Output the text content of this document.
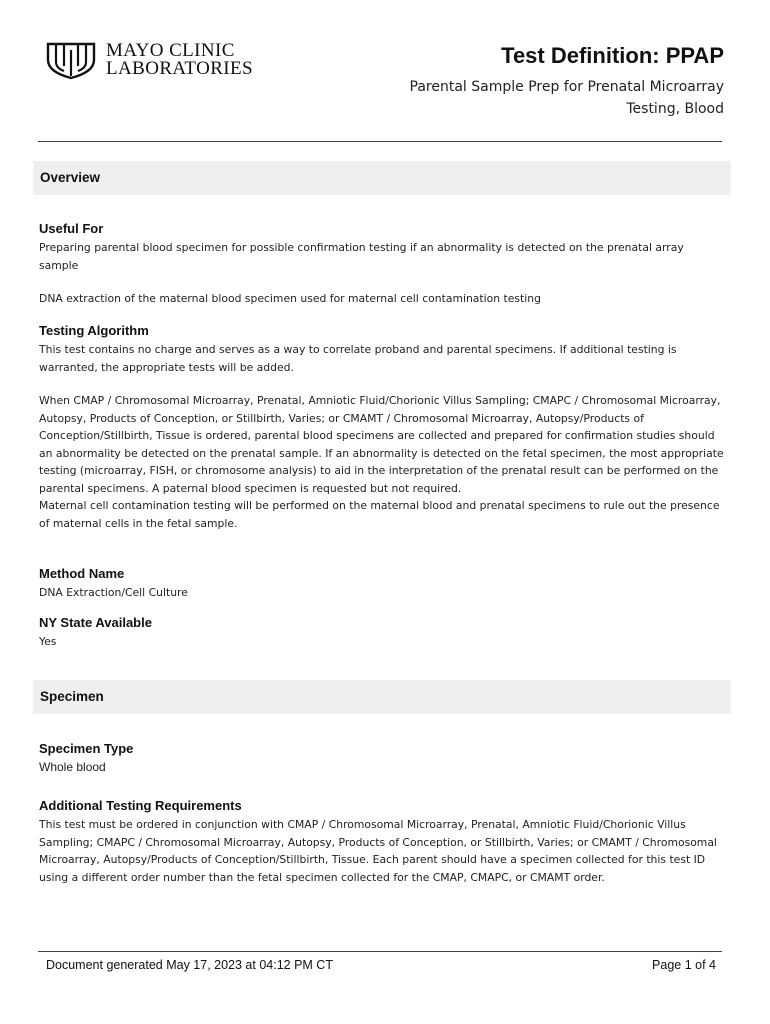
MAYO CLINIC
LABORATORIES
Test Definition: PPAP
Parental Sample Prep for Prenatal Microarray Testing, Blood
Overview
Useful For

Preparing parental blood specimen for possible confirmation testing if an abnormality is detected on the prenatal array sample

DNA extraction of the maternal blood specimen used for maternal cell contamination testing

Testing Algorithm

This test contains no charge and serves as a way to correlate proband and parental specimens. If additional testing is warranted, the appropriate tests will be added.

When CMAP / Chromosomal Microarray, Prenatal, Amniotic Fluid/Chorionic Villus Sampling; CMAPC / Chromosomal Microarray, Autopsy, Products of Conception, or Stillbirth, Varies; or CMAMT / Chromosomal Microarray, Autopsy/Products of Conception/Stillbirth, Tissue is ordered, parental blood specimens are collected and prepared for confirmation studies should an abnormality be detected on the prenatal sample. If an abnormality is detected on the fetal specimen, the most appropriate testing (microarray, FISH, or chromosome analysis) to aid in the interpretation of the prenatal result can be performed on the parental specimens. A paternal blood specimen is requested but not required.

Maternal cell contamination testing will be performed on the maternal blood and prenatal specimens to rule out the presence of maternal cells in the fetal sample.

Method Name

DNA Extraction/Cell Culture

NY State Available

Yes

Specimen
Specimen Type

Whole blood

Additional Testing Requirements

This test must be ordered in conjunction with CMAP / Chromosomal Microarray, Prenatal, Amniotic Fluid/Chorionic Villus Sampling; CMAPC / Chromosomal Microarray, Autopsy, Products of Conception, or Stillbirth, Varies; or CMAMT / Chromosomal Microarray, Autopsy/Products of Conception/Stillbirth, Tissue. Each parent should have a specimen collected for this test ID using a different order number than the fetal specimen collected for the CMAP, CMAPC, or CMAMT order.

Document generated May 17, 2023 at 04:12 PM CT	Page 1 of 4
